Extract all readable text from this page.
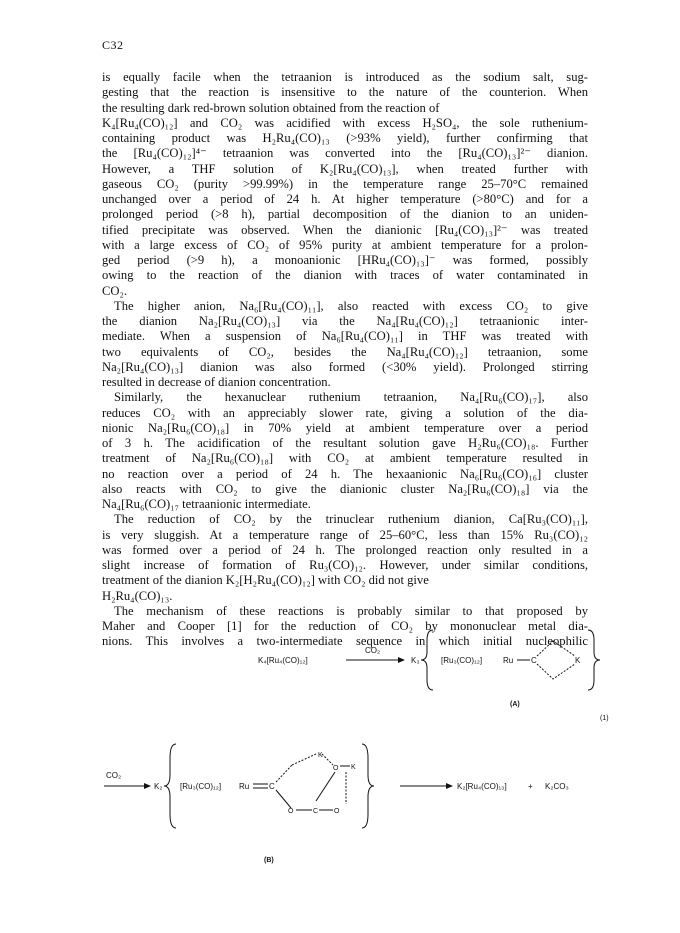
C32
is equally facile when the tetraanion is introduced as the sodium salt, sug-
gesting that the reaction is insensitive to the nature of the counterion. When
the resulting dark red-brown solution obtained from the reaction of
K₄[Ru₄(CO)₁₂] and CO₂ was acidified with excess H₂SO₄, the sole ruthenium-
containing product was H₂Ru₄(CO)₁₃ (>93% yield), further confirming that
the [Ru₄(CO)₁₂]⁴⁻ tetraanion was converted into the [Ru₄(CO)₁₃]²⁻ dianion.
However, a THF solution of K₂[Ru₄(CO)₁₃], when treated further with
gaseous CO₂ (purity >99.99%) in the temperature range 25–70°C remained
unchanged over a period of 24 h. At higher temperature (>80°C) and for a
prolonged period (>8 h), partial decomposition of the dianion to an uniden-
tified precipitate was observed. When the dianionic [Ru₄(CO)₁₃]²⁻ was treated
with a large excess of CO₂ of 95% purity at ambient temperature for a prolon-
ged period (>9 h), a monoanionic [HRu₄(CO)₁₃]⁻ was formed, possibly
owing to the reaction of the dianion with traces of water contaminated in
CO₂.
The higher anion, Na₆[Ru₄(CO)₁₁], also reacted with excess CO₂ to give
the dianion Na₂[Ru₄(CO)₁₃] via the Na₄[Ru₄(CO)₁₂] tetraanionic inter-
mediate. When a suspension of Na₆[Ru₄(CO)₁₁] in THF was treated with
two equivalents of CO₂, besides the Na₄[Ru₄(CO)₁₂] tetraanion, some
Na₂[Ru₄(CO)₁₃] dianion was also formed (<30% yield). Prolonged stirring
resulted in decrease of dianion concentration.
Similarly, the hexanuclear ruthenium tetraanion, Na₄[Ru₆(CO)₁₇], also
reduces CO₂ with an appreciably slower rate, giving a solution of the dia-
nionic Na₂[Ru₆(CO)₁₈] in 70% yield at ambient temperature over a period
of 3 h. The acidification of the resultant solution gave H₂Ru₆(CO)₁₈. Further
treatment of Na₂[Ru₆(CO)₁₈] with CO₂ at ambient temperature resulted in
no reaction over a period of 24 h. The hexaanionic Na₆[Ru₆(CO)₁₆] cluster
also reacts with CO₂ to give the dianionic cluster Na₂[Ru₆(CO)₁₈] via the
Na₄[Ru₆(CO)₁₇ tetraanionic intermediate.
The reduction of CO₂ by the trinuclear ruthenium dianion, Ca[Ru₃(CO)₁₁],
is very sluggish. At a temperature range of 25–60°C, less than 15% Ru₃(CO)₁₂
was formed over a period of 24 h. The prolonged reaction only resulted in a
slight increase of formation of Ru₃(CO)₁₂. However, under similar conditions,
treatment of the dianion K₂[H₂Ru₄(CO)₁₂] with CO₂ did not give
H₂Ru₄(CO)₁₃.
The mechanism of these reactions is probably similar to that proposed by
Maher and Cooper [1] for the reduction of CO₂ by mononuclear metal dia-
nions. This involves a two-intermediate sequence in which initial nucleophilic
K₄[Ru₄(CO)₁₂]
CO₂
K₃	[Ru₃(CO)₁₂]	Ru C	K
(A)
(1)
CO₂
K₂ [Ru₃(CO)₁₂] Ru C
K
O K
O	C O
(B)
K₂[Ru₄(CO)₁₃]	+ K₂CO₃
